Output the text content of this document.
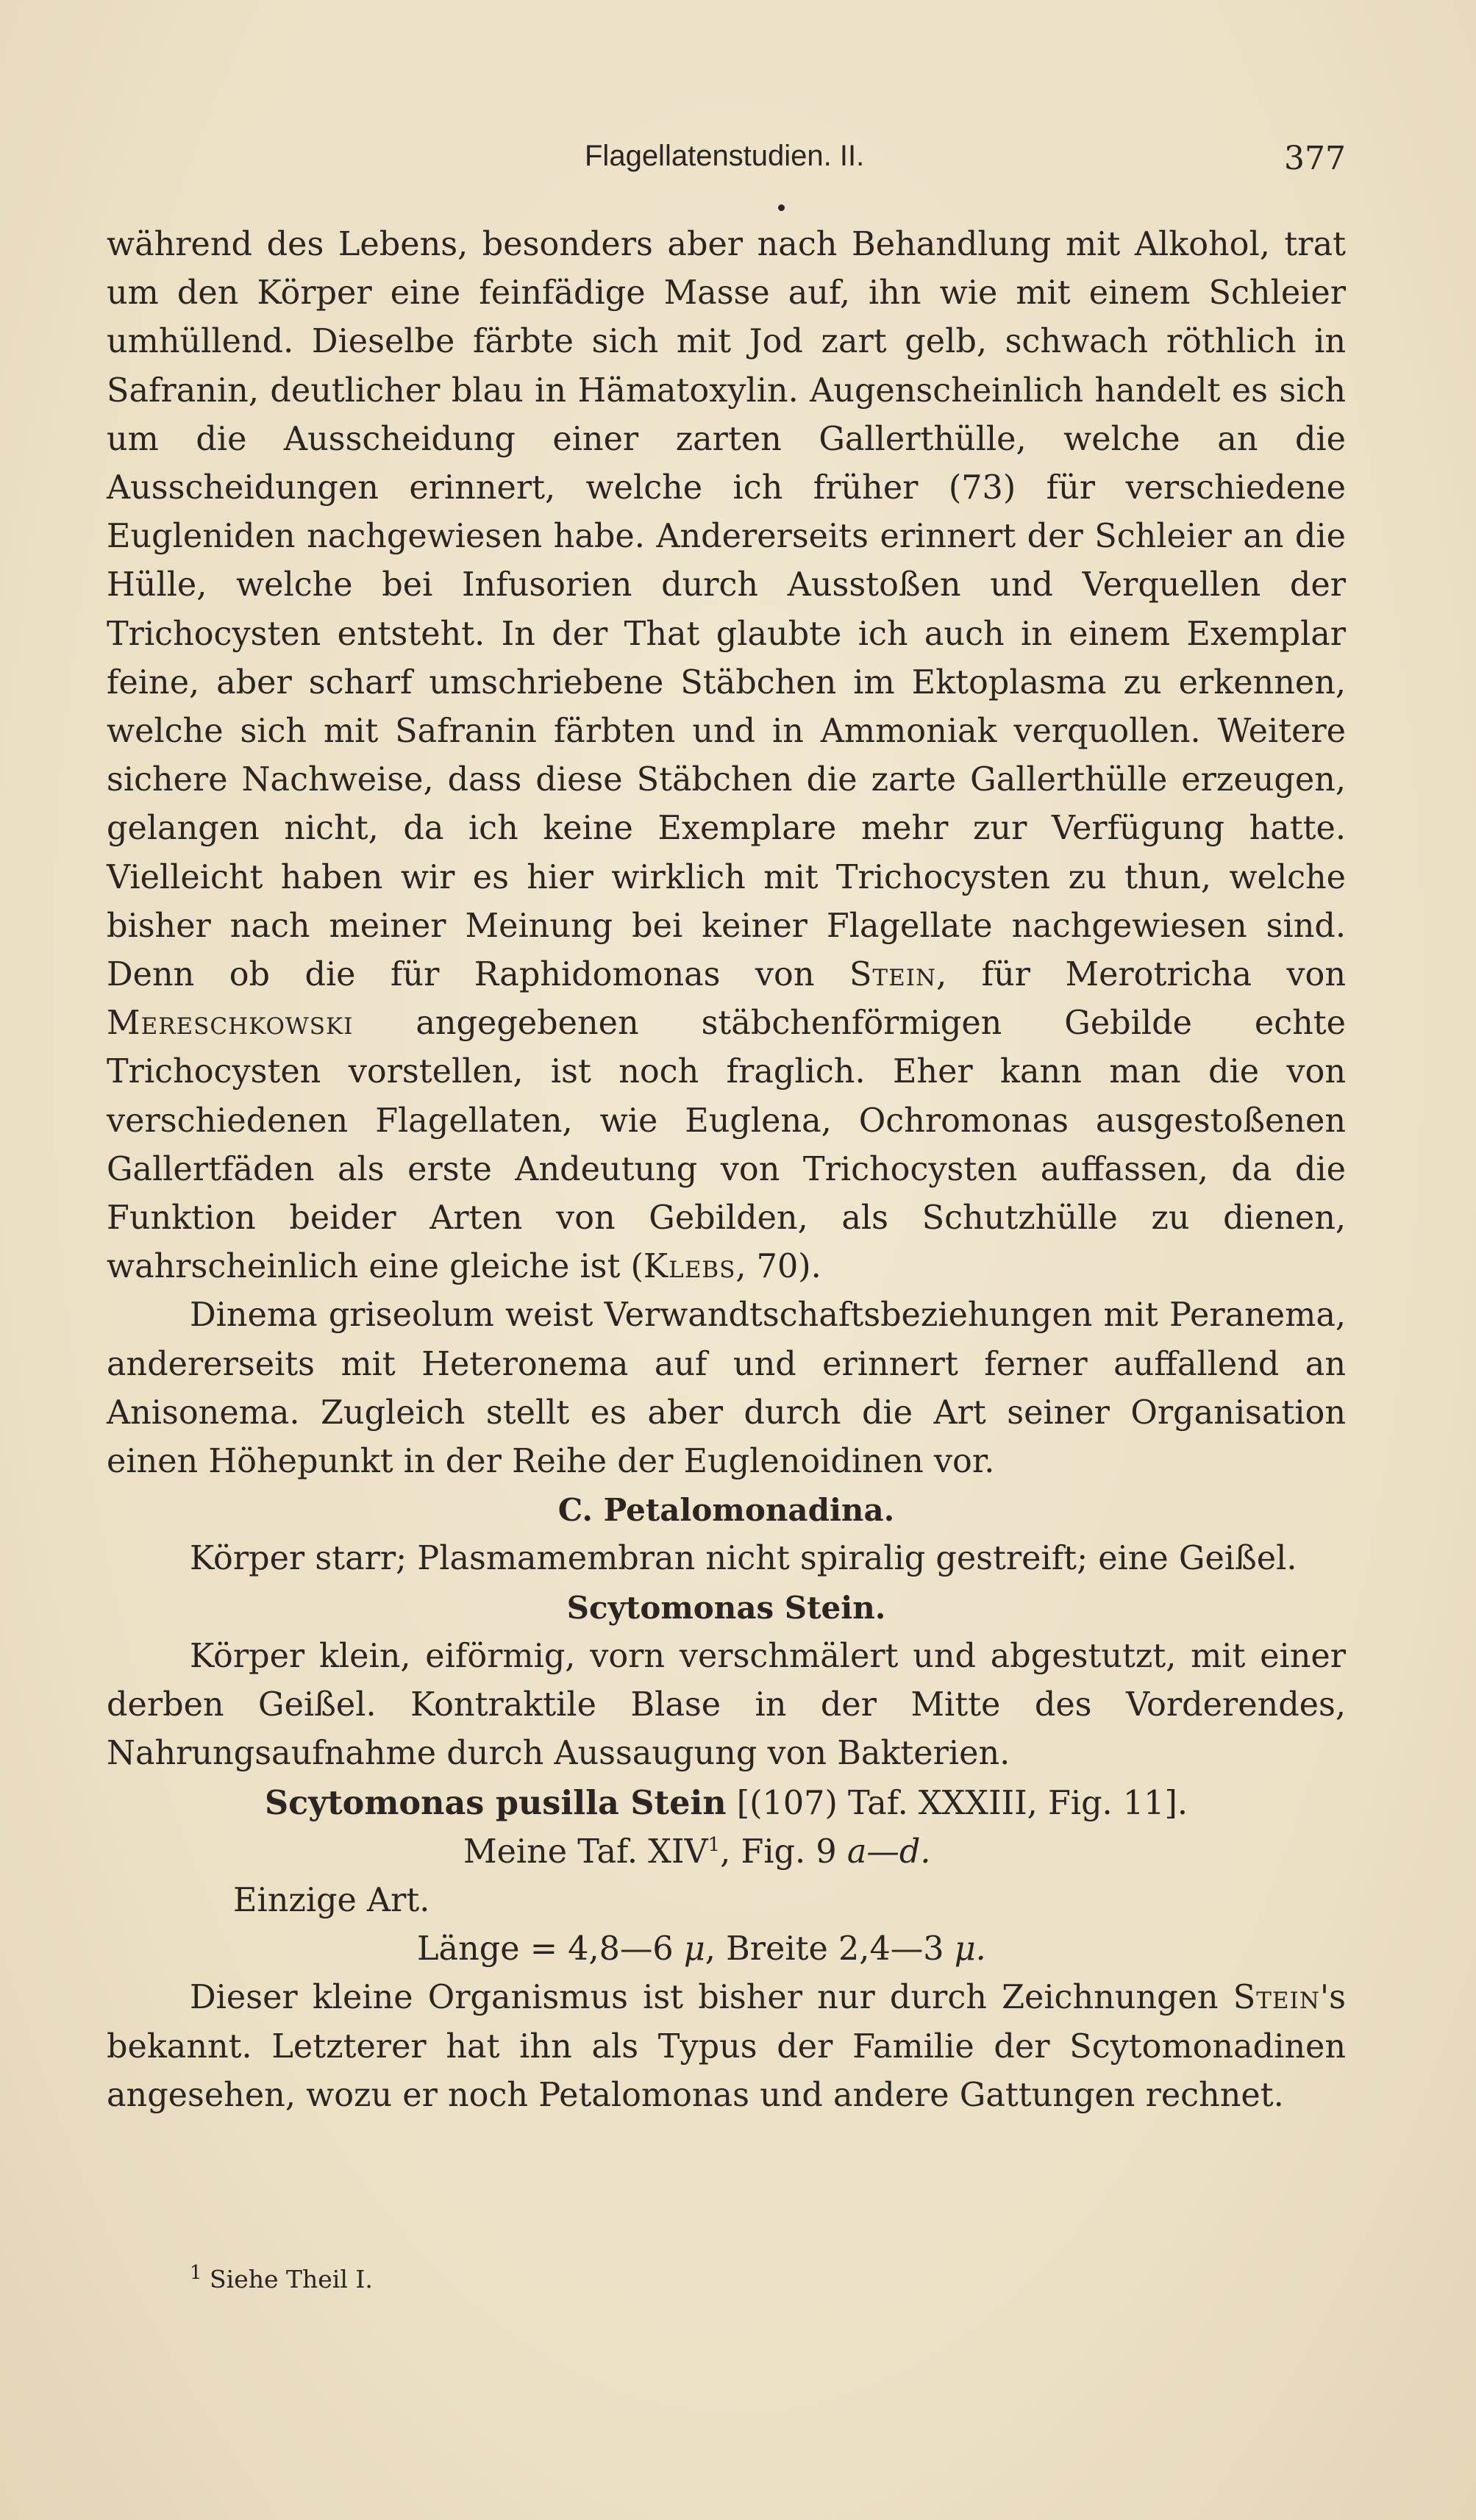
Flagellatenstudien. II.	377

während des Lebens, besonders aber nach Behandlung mit Alkohol, trat um den Körper eine feinfädige Masse auf, ihn wie mit einem Schleier umhüllend. Dieselbe färbte sich mit Jod zart gelb, schwach röthlich in Safranin, deutlicher blau in Hämatoxylin. Augenscheinlich handelt es sich um die Ausscheidung einer zarten Gallerthülle, welche an die Ausscheidungen erinnert, welche ich früher (73) für verschiedene Eugleniden nachgewiesen habe. Andererseits erinnert der Schleier an die Hülle, welche bei Infusorien durch Ausstoßen und Verquellen der Trichocysten entsteht. In der That glaubte ich auch in einem Exemplar feine, aber scharf umschriebene Stäbchen im Ektoplasma zu erkennen, welche sich mit Safranin färbten und in Ammoniak verquollen. Weitere sichere Nachweise, dass diese Stäbchen die zarte Gallerthülle erzeugen, gelangen nicht, da ich keine Exemplare mehr zur Verfügung hatte. Vielleicht haben wir es hier wirklich mit Trichocysten zu thun, welche bisher nach meiner Meinung bei keiner Flagellate nachgewiesen sind. Denn ob die für Raphidomonas von Stein, für Merotricha von Mereschkowski angegebenen stäbchenförmigen Gebilde echte Trichocysten vorstellen, ist noch fraglich. Eher kann man die von verschiedenen Flagellaten, wie Euglena, Ochromonas ausgestoßenen Gallertfäden als erste Andeutung von Trichocysten auffassen, da die Funktion beider Arten von Gebilden, als Schutzhülle zu dienen, wahrscheinlich eine gleiche ist (Klebs, 70).

Dinema griseolum weist Verwandtschaftsbeziehungen mit Peranema, andererseits mit Heteronema auf und erinnert ferner auffallend an Anisonema. Zugleich stellt es aber durch die Art seiner Organisation einen Höhepunkt in der Reihe der Euglenoidinen vor.

C. Petalomonadina.

Körper starr; Plasmamembran nicht spiralig gestreift; eine Geißel.

Scytomonas Stein.

Körper klein, eiförmig, vorn verschmälert und abgestutzt, mit einer derben Geißel. Kontraktile Blase in der Mitte des Vorderendes, Nahrungsaufnahme durch Aussaugung von Bakterien.

Scytomonas pusilla Stein [(107) Taf. XXXIII, Fig. 11].

Meine Taf. XIV$^1$, Fig. 9 a—d.

Einzige Art.

Länge = 4,8—6 μ, Breite 2,4—3 μ.

Dieser kleine Organismus ist bisher nur durch Zeichnungen Stein's bekannt. Letzterer hat ihn als Typus der Familie der Scytomonadinen angesehen, wozu er noch Petalomonas und andere Gattungen rechnet.

$^1$ Siehe Theil I.
